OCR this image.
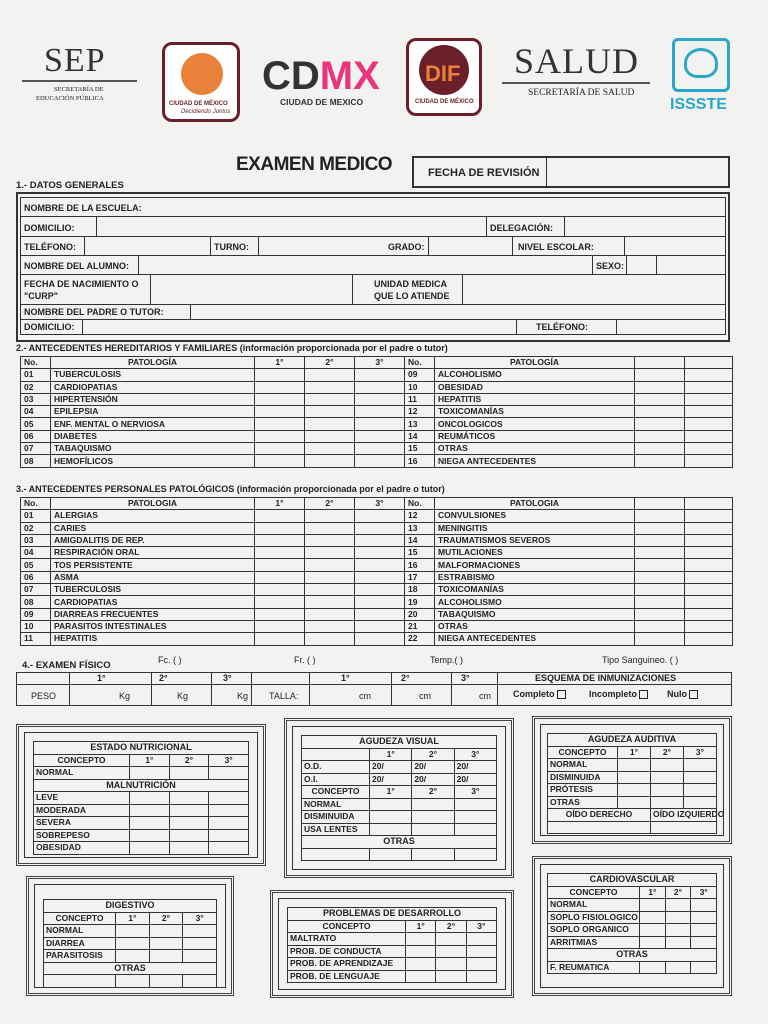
SEP
SECRETARÍA DE
EDUCACIÓN PÚBLICA
CIUDAD DE MÉXICO
Decidiendo Juntos
CDMX
CIUDAD DE MEXICO
DIF
CIUDAD DE MÉXICO
SALUD
SECRETARÍA DE SALUD
ISSSTE
EXAMEN MEDICO	FECHA DE REVISIÓN
1.- DATOS GENERALES
NOMBRE DE LA ESCUELA:
DOMICILIO:	DELEGACIÓN:
TELÉFONO:	TURNO:	GRADO:	NIVEL ESCOLAR:
NOMBRE DEL ALUMNO:	SEXO:
FECHA DE NACIMIENTO O
"CURP"
UNIDAD MEDICA
QUE LO ATIENDE
NOMBRE DEL PADRE O TUTOR:
DOMICILIO:	TELÉFONO:
2.- ANTECEDENTES HEREDITARIOS Y FAMILIARES (información proporcionada por el padre o tutor)
No.	PATOLOGÍA	1°	2°	3°	No.	PATOLOGÍA		
01	TUBERCULOSIS				09	ALCOHOLISMO		
02	CARDIOPATIAS				10	OBESIDAD		
03	HIPERTENSIÓN				11	HEPATITIS		
04	EPILEPSIA				12	TOXICOMANÍAS		
05	ENF. MENTAL O NERVIOSA				13	ONCOLOGICOS		
06	DIABETES				14	REUMÁTICOS		
07	TABAQUISMO				15	OTRAS		
08	HEMOFÍLICOS				16	NIEGA ANTECEDENTES		
3.- ANTECEDENTES PERSONALES PATOLÓGICOS (información proporcionada por el padre o tutor)
No.	PATOLOGIA	1°	2°	3°	No.	PATOLOGIA		
01	ALERGIAS				12	CONVULSIONES		
02	CARIES				13	MENINGITIS		
03	AMIGDALITIS DE REP.				14	TRAUMATISMOS SEVEROS		
04	RESPIRACIÓN ORAL				15	MUTILACIONES		
05	TOS PERSISTENTE				16	MALFORMACIONES		
06	ASMA				17	ESTRABISMO		
07	TUBERCULOSIS				18	TOXICOMANÍAS		
08	CARDIOPATIAS				19	ALCOHOLISMO		
09	DIARREAS FRECUENTES				20	TABAQUISMO		
10	PARASITOS INTESTINALES				21	OTRAS		
11	HEPATITIS				22	NIEGA ANTECEDENTES		
4.- EXAMEN FÍSICO	Fc. ( )	Fr. ( )	Temp.( )	Tipo Sanguineo. ( )
1°	2°	3°	1°	2°	3°	ESQUEMA DE INMUNIZACIONES
PESO	Kg	Kg	Kg TALLA:	cm	cm	cm Completo	Incompleto	Nulo
ESTADO NUTRICIONAL			
CONCEPTO	1°	2°	3°
NORMAL			
MALNUTRICIÓN			
LEVE			
MODERADA			
SEVERA			
SOBREPESO			
OBESIDAD			
AGUDEZA VISUAL			
	1°	2°	3°
O.D.	20/	20/	20/
O.I.	20/	20/	20/
CONCEPTO	1°	2°	3°
NORMAL			
DISMINUIDA			
USA LENTES			
OTRAS			

AGUDEZA AUDITIVA			
CONCEPTO	1°	2°	3°
NORMAL			
DISMINUIDA			
PRÓTESIS			
OTRAS			
OÍDO DERECHO		OÍDO IZQUIERDO	

CARDIOVASCULAR			
CONCEPTO	1°	2°	3°
NORMAL			
SOPLO FISIOLOGICO			
SOPLO ORGANICO			
ARRITMIAS			
OTRAS			
F. REUMATICA			
DIGESTIVO			
CONCEPTO	1°	2°	3°
NORMAL			
DIARREA			
PARASITOSIS			
OTRAS			

PROBLEMAS DE DESARROLLO			
CONCEPTO	1°	2°	3°
MALTRATO			
PROB. DE CONDUCTA			
PROB. DE APRENDIZAJE			
PROB. DE LENGUAJE			
